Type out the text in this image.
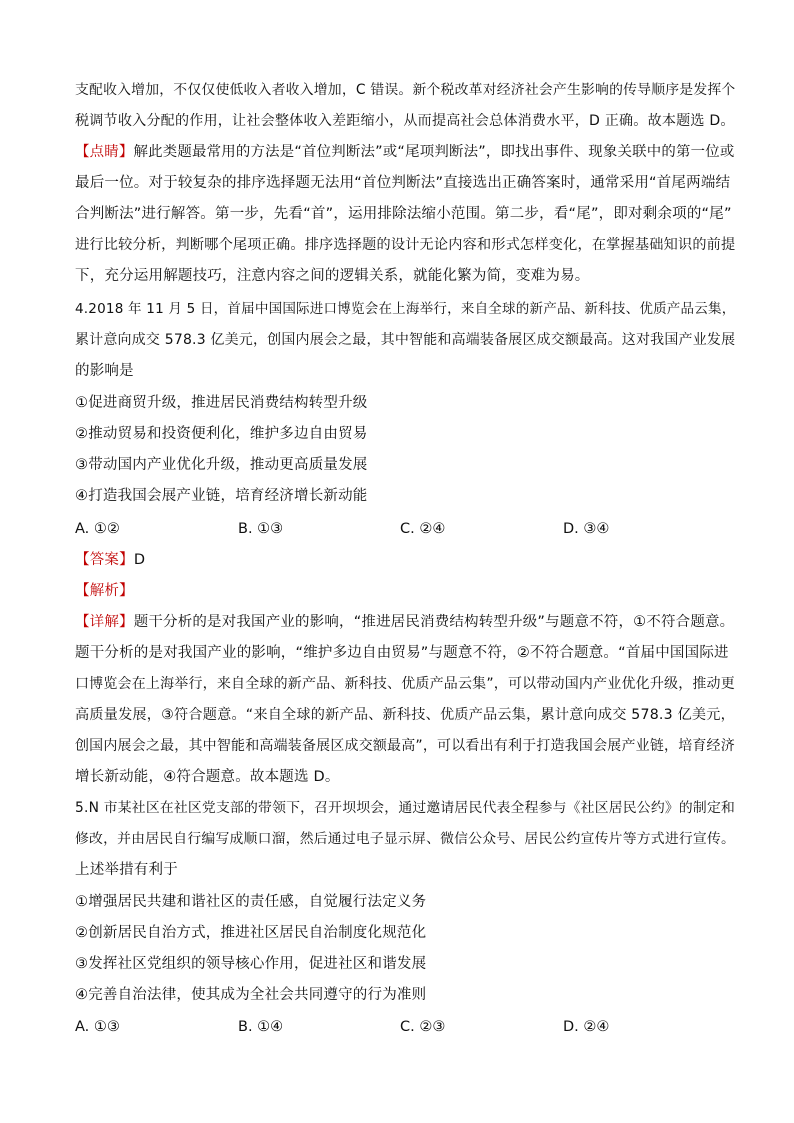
支配收入增加，不仅仅使低收入者收入增加，C 错误。新个税改革对经济社会产生影响的传导顺序是发挥个
税调节收入分配的作用，让社会整体收入差距缩小，从而提高社会总体消费水平，D 正确。故本题选 D。
【点睛】解此类题最常用的方法是“首位判断法”或“尾项判断法”，即找出事件、现象关联中的第一位或
最后一位。对于较复杂的排序选择题无法用“首位判断法”直接选出正确答案时，通常采用“首尾两端结
合判断法”进行解答。第一步，先看“首”，运用排除法缩小范围。第二步，看“尾”，即对剩余项的“尾”
进行比较分析，判断哪个尾项正确。排序选择题的设计无论内容和形式怎样变化，在掌握基础知识的前提
下，充分运用解题技巧，注意内容之间的逻辑关系，就能化繁为简，变难为易。
4.2018 年 11 月 5 日，首届中国国际进口博览会在上海举行，来自全球的新产品、新科技、优质产品云集，
累计意向成交 578.3 亿美元，创国内展会之最，其中智能和高端装备展区成交额最高。这对我国产业发展
的影响是
①促进商贸升级，推进居民消费结构转型升级
②推动贸易和投资便利化，维护多边自由贸易
③带动国内产业优化升级，推动更高质量发展
④打造我国会展产业链，培育经济增长新动能
A. ①②	B. ①③	C. ②④	D. ③④
【答案】D
【解析】
【详解】题干分析的是对我国产业的影响，“推进居民消费结构转型升级”与题意不符，①不符合题意。
题干分析的是对我国产业的影响，“维护多边自由贸易”与题意不符，②不符合题意。“首届中国国际进
口博览会在上海举行，来自全球的新产品、新科技、优质产品云集”，可以带动国内产业优化升级，推动更
高质量发展，③符合题意。“来自全球的新产品、新科技、优质产品云集，累计意向成交 578.3 亿美元，
创国内展会之最，其中智能和高端装备展区成交额最高”，可以看出有利于打造我国会展产业链，培育经济
增长新动能，④符合题意。故本题选 D。
5.N 市某社区在社区党支部的带领下，召开坝坝会，通过邀请居民代表全程参与《社区居民公约》的制定和
修改，并由居民自行编写成顺口溜，然后通过电子显示屏、微信公众号、居民公约宣传片等方式进行宣传。
上述举措有利于
①增强居民共建和谐社区的责任感，自觉履行法定义务
②创新居民自治方式，推进社区居民自治制度化规范化
③发挥社区党组织的领导核心作用，促进社区和谐发展
④完善自治法律，使其成为全社会共同遵守的行为准则
A. ①③	B. ①④	C. ②③	D. ②④
